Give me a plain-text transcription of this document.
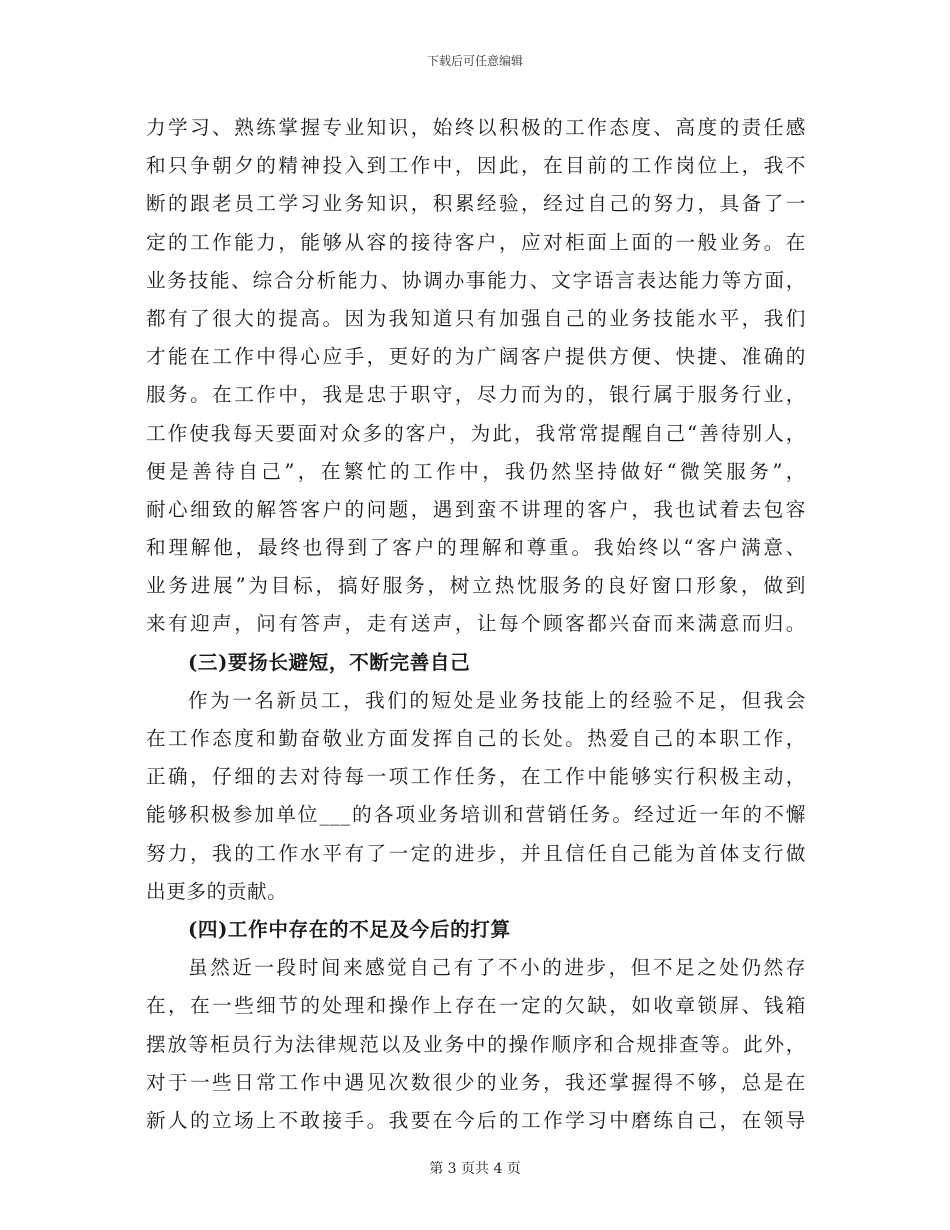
下载后可任意编辑
力学习、熟练掌握专业知识，始终以积极的工作态度、高度的责任感
和只争朝夕的精神投入到工作中，因此，在目前的工作岗位上，我不
断的跟老员工学习业务知识，积累经验，经过自己的努力，具备了一
定的工作能力，能够从容的接待客户，应对柜面上面的一般业务。在
业务技能、综合分析能力、协调办事能力、文字语言表达能力等方面，
都有了很大的提高。因为我知道只有加强自己的业务技能水平，我们
才能在工作中得心应手，更好的为广阔客户提供方便、快捷、准确的
服务。在工作中，我是忠于职守，尽力而为的，银行属于服务行业，
工作使我每天要面对众多的客户，为此，我常常提醒自己“善待别人，
便是善待自己”，在繁忙的工作中，我仍然坚持做好“微笑服务”，
耐心细致的解答客户的问题，遇到蛮不讲理的客户，我也试着去包容
和理解他，最终也得到了客户的理解和尊重。我始终以“客户满意、
业务进展”为目标，搞好服务，树立热忱服务的良好窗口形象，做到
来有迎声，问有答声，走有送声，让每个顾客都兴奋而来满意而归。
(三)要扬长避短，不断完善自己
作为一名新员工，我们的短处是业务技能上的经验不足，但我会
在工作态度和勤奋敬业方面发挥自己的长处。热爱自己的本职工作，
正确，仔细的去对待每一项工作任务，在工作中能够实行积极主动，
能够积极参加单位___的各项业务培训和营销任务。经过近一年的不懈
努力，我的工作水平有了一定的进步，并且信任自己能为首体支行做
出更多的贡献。
(四)工作中存在的不足及今后的打算
虽然近一段时间来感觉自己有了不小的进步，但不足之处仍然存
在，在一些细节的处理和操作上存在一定的欠缺，如收章锁屏、钱箱
摆放等柜员行为法律规范以及业务中的操作顺序和合规排查等。此外，
对于一些日常工作中遇见次数很少的业务，我还掌握得不够，总是在
新人的立场上不敢接手。我要在今后的工作学习中磨练自己，在领导
第 3 页共 4 页
